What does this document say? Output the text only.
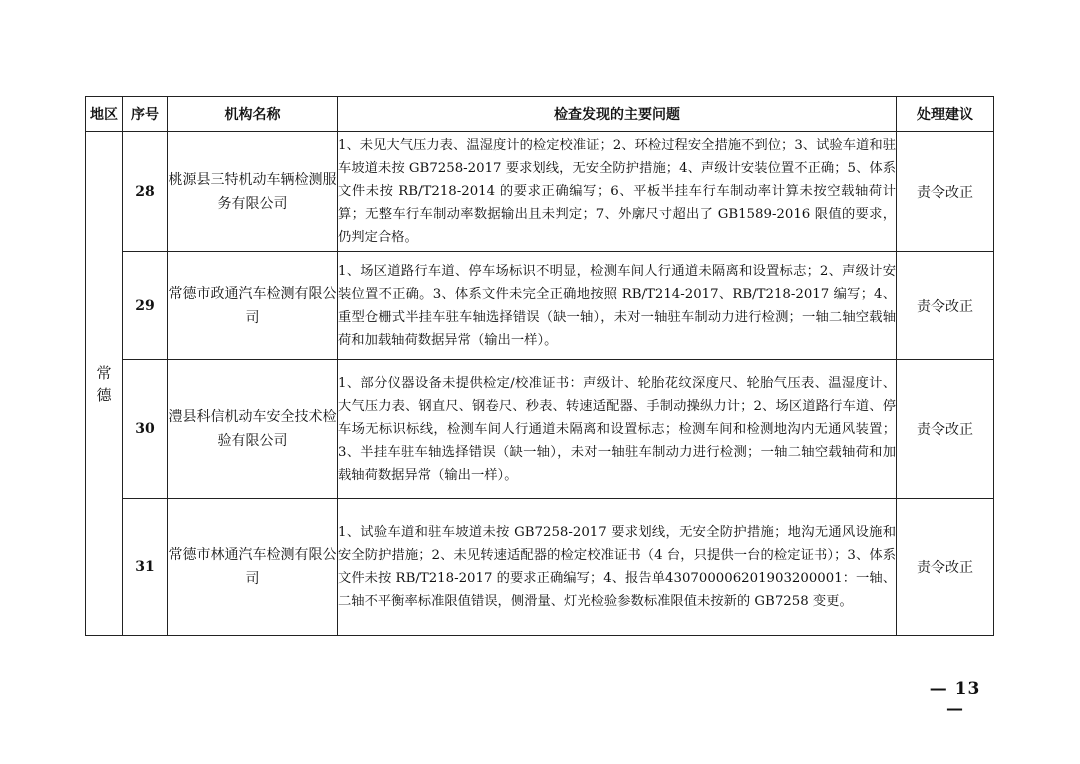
地区	序号	机构名称	检查发现的主要问题	处理建议
常德	28	桃源县三特机动车辆检测服务有限公司	1、未见大气压力表、温湿度计的检定校准证；2、环检过程安全措施不到位；3、试验车道和驻车坡道未按 GB7258-2017 要求划线，无安全防护措施；4、声级计安装位置不正确；5、体系文件未按 RB/T218-2014 的要求正确编写；6、平板半挂车行车制动率计算未按空载轴荷计算；无整车行车制动率数据输出且未判定；7、外廓尺寸超出了 GB1589-2016 限值的要求，仍判定合格。	责令改正
	29	常德市政通汽车检测有限公司	1、场区道路行车道、停车场标识不明显，检测车间人行通道未隔离和设置标志；2、声级计安装位置不正确。3、体系文件未完全正确地按照 RB/T214-2017、RB/T218-2017 编写；4、重型仓栅式半挂车驻车轴选择错误（缺一轴），未对一轴驻车制动力进行检测；一轴二轴空载轴荷和加载轴荷数据异常（输出一样）。	责令改正
	30	澧县科信机动车安全技术检验有限公司	1、部分仪器设备未提供检定/校准证书：声级计、轮胎花纹深度尺、轮胎气压表、温湿度计、大气压力表、钢直尺、钢卷尺、秒表、转速适配器、手制动操纵力计；2、场区道路行车道、停车场无标识标线，检测车间人行通道未隔离和设置标志；检测车间和检测地沟内无通风装置；3、半挂车驻车轴选择错误（缺一轴），未对一轴驻车制动力进行检测；一轴二轴空载轴荷和加载轴荷数据异常（输出一样）。	责令改正
	31	常德市林通汽车检测有限公司	1、试验车道和驻车坡道未按 GB7258-2017 要求划线，无安全防护措施；地沟无通风设施和安全防护措施；2、未见转速适配器的检定校准证书（4 台，只提供一台的检定证书）；3、体系文件未按 RB/T218-2017 的要求正确编写；4、报告单430700006201903200001：一轴、二轴不平衡率标准限值错误，侧滑量、灯光检验参数标准限值未按新的 GB7258 变更。	责令改正
— 13 —
